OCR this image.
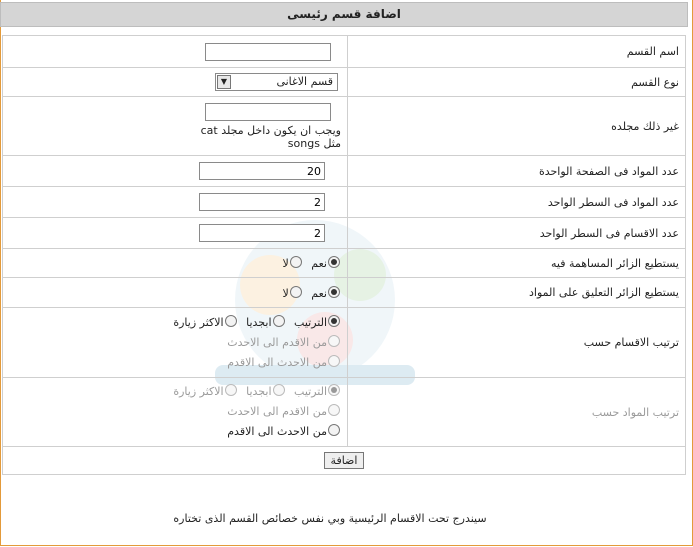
اضافة قسم رئيسى
اسم القسم	
نوع القسم	▼ قسم الاغانى

غير ذلك مجلده	ويجب ان يكون داخل مجلد cat
مثل songs

عدد المواد فى الصفحة الواحدة	20
عدد المواد فى السطر الواحد	2
عدد الاقسام فى السطر الواحد	2
يستطيع الزائر المساهمة فيه	نعم لا
يستطيع الزائر التعليق على المواد	نعم لا
ترتيب الاقسام حسب	الترتيب ابجديا الاكثر زيارة
من الاقدم الى الاحدث
من الاحدث الى الاقدم

ترتيب المواد حسب	الترتيب ابجديا الاكثر زيارة
من الاقدم الى الاحدث
من الاحدث الى الاقدم

اضافة	
سيندرج تحت الاقسام الرئيسية وبي نفس خصائص القسم الذى تختاره
